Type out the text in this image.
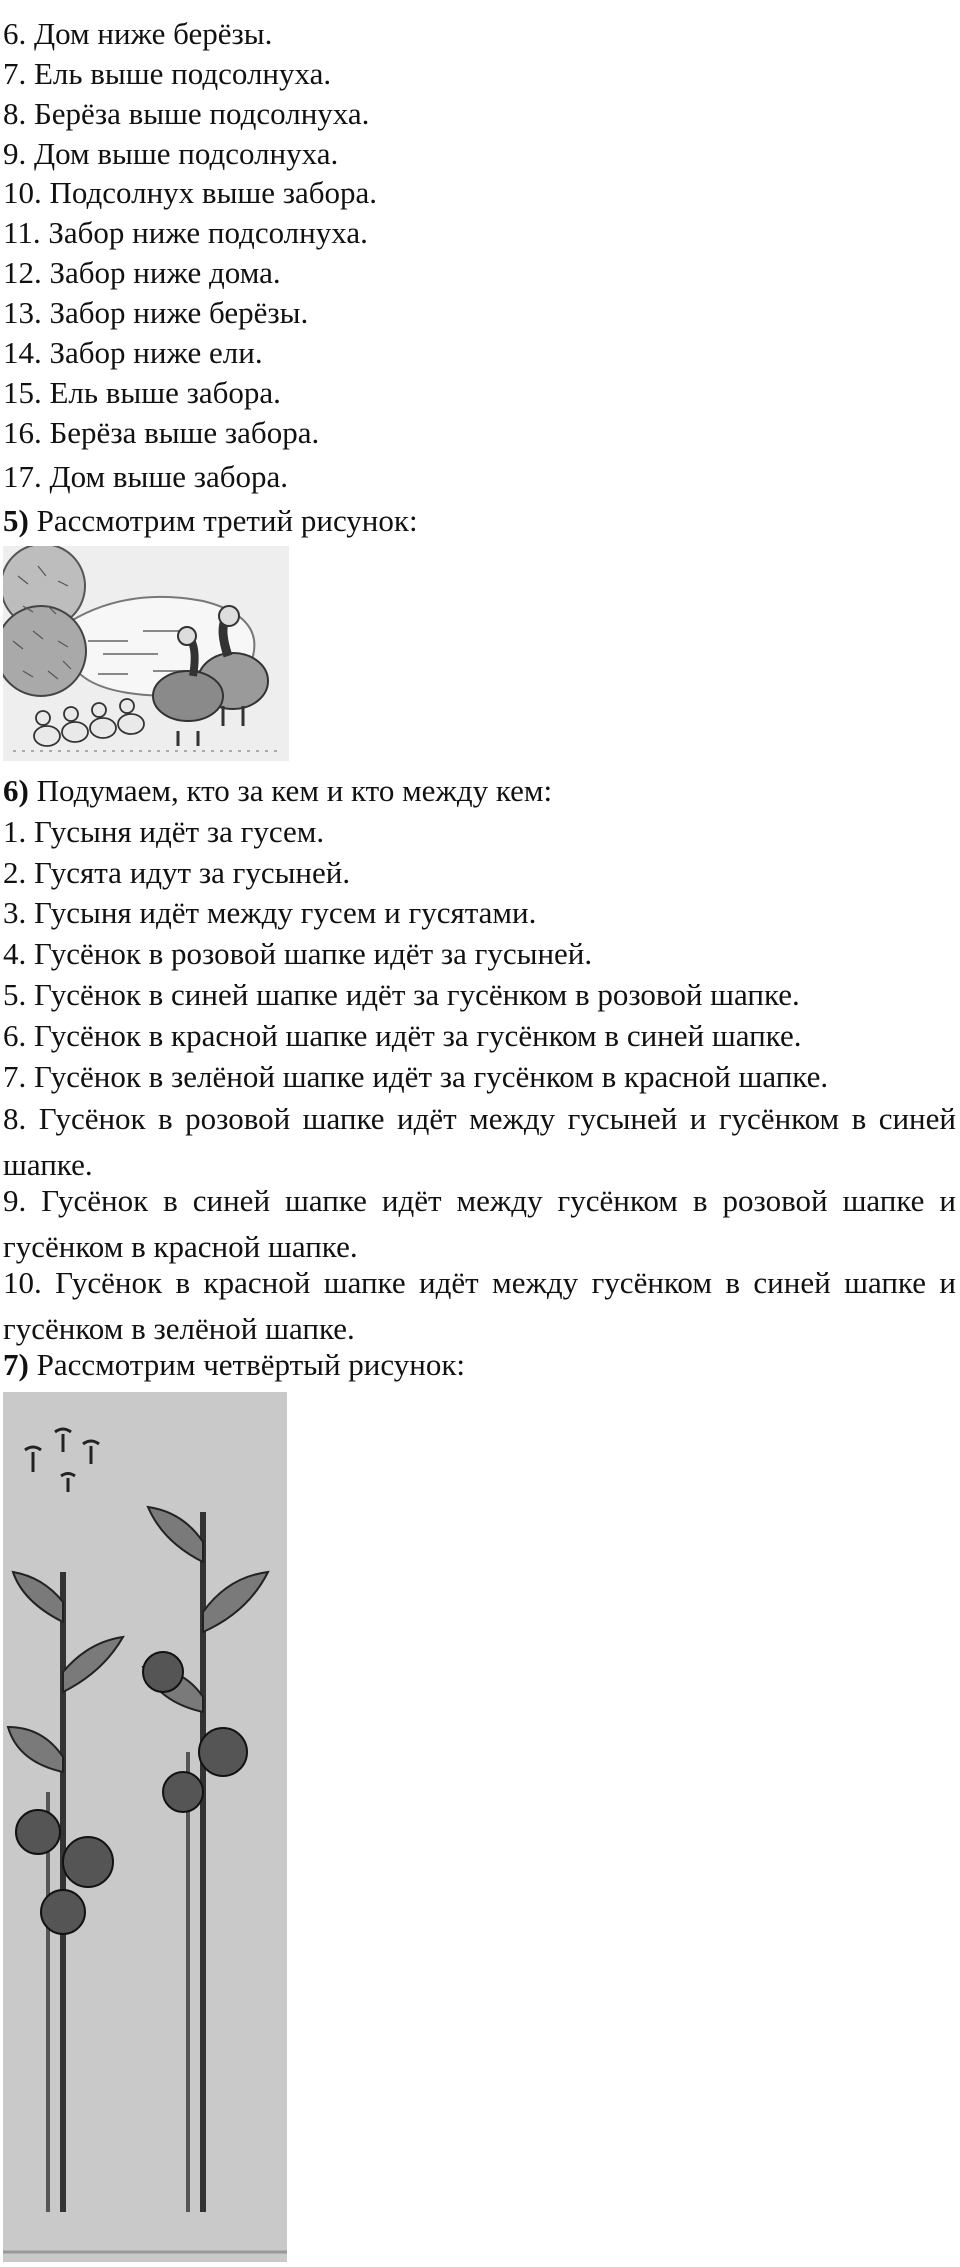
6. Дом ниже берёзы.
7. Ель выше подсолнуха.
8. Берёза выше подсолнуха.
9. Дом выше подсолнуха.
10. Подсолнух выше забора.
11. Забор ниже подсолнуха.
12. Забор ниже дома.
13. Забор ниже берёзы.
14. Забор ниже ели.
15. Ель выше забора.
16. Берёза выше забора.
17. Дом выше забора.
5) Рассмотрим третий рисунок:
6) Подумаем, кто за кем и кто между кем:
1. Гусыня идёт за гусем.
2. Гусята идут за гусыней.
3. Гусыня идёт между гусем и гусятами.
4. Гусёнок в розовой шапке идёт за гусыней.
5. Гусёнок в синей шапке идёт за гусёнком в розовой шапке.
6. Гусёнок в красной шапке идёт за гусёнком в синей шапке.
7. Гусёнок в зелёной шапке идёт за гусёнком в красной шапке.
8. Гусёнок в розовой шапке идёт между гусыней и гусёнком в синей шапке.
9. Гусёнок в синей шапке идёт между гусёнком в розовой шапке и гусёнком в красной шапке.
10. Гусёнок в красной шапке идёт между гусёнком в синей шапке и гусёнком в зелёной шапке.
7) Рассмотрим четвёртый рисунок:
